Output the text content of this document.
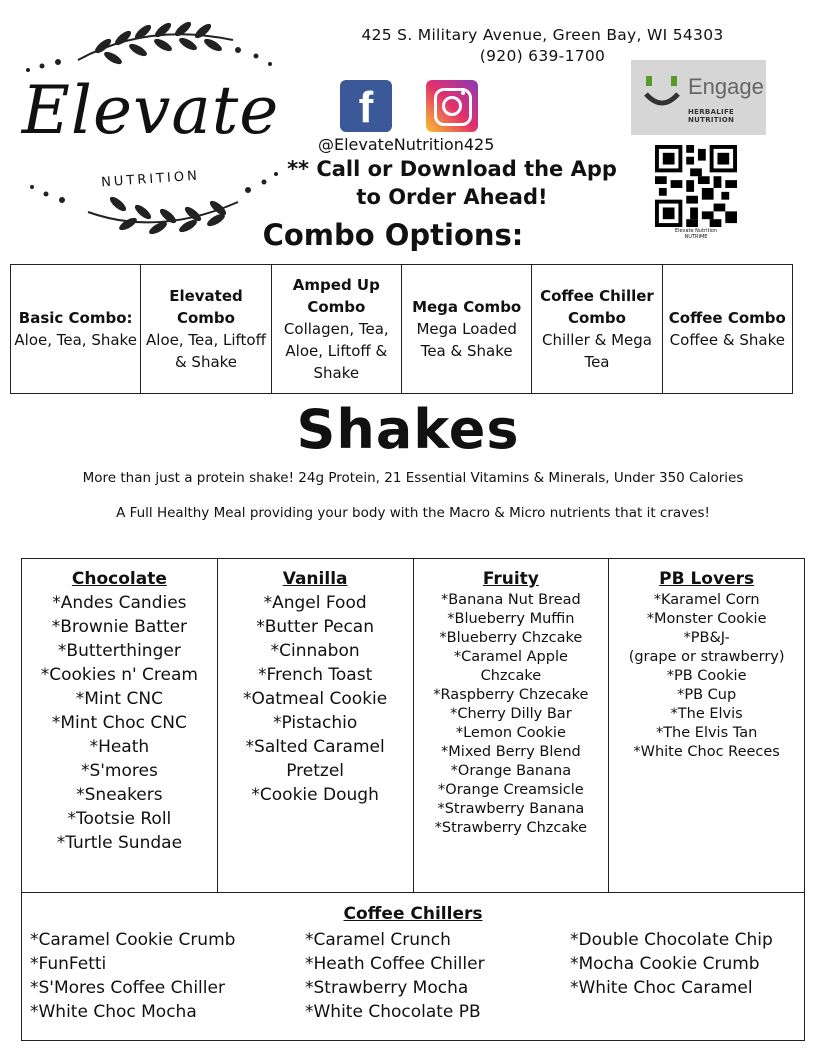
Elevate
NUTRITION
425 S. Military Avenue, Green Bay, WI 54303
(920) 639-1700
f
@ElevateNutrition425
** Call or Download the App
to Order Ahead!
Engage
HERBALIFE
NUTRITION
Elevate Nutrition
NUTRIME
Combo Options:
Basic Combo:
Aloe, Tea, Shake	
Elevated Combo
Aloe, Tea, Liftoff & Shake	
Amped Up Combo
Collagen, Tea, Aloe, Liftoff & Shake	
Mega Combo
Mega Loaded Tea & Shake	
Coffee Chiller Combo
Chiller & Mega Tea	
Coffee Combo
Coffee & Shake
Shakes
More than just a protein shake! 24g Protein, 21 Essential Vitamins & Minerals, Under 350 Calories
A Full Healthy Meal providing your body with the Macro & Micro nutrients that it craves!
Chocolate
*Andes Candies
*Brownie Batter
*Butterthinger
*Cookies n' Cream
*Mint CNC
*Mint Choc CNC
*Heath
*S'mores
*Sneakers
*Tootsie Roll
*Turtle Sundae

Vanilla
*Angel Food
*Butter Pecan
*Cinnabon
*French Toast
*Oatmeal Cookie
*Pistachio
*Salted Caramel
Pretzel
*Cookie Dough

Fruity
*Banana Nut Bread
*Blueberry Muffin
*Blueberry Chzcake
*Caramel Apple
Chzcake
*Raspberry Chzecake
*Cherry Dilly Bar
*Lemon Cookie
*Mixed Berry Blend
*Orange Banana
*Orange Creamsicle
*Strawberry Banana
*Strawberry Chzcake

PB Lovers
*Karamel Corn
*Monster Cookie
*PB&J-
(grape or strawberry)
*PB Cookie
*PB Cup
*The Elvis
*The Elvis Tan
*White Choc Reeces
Coffee Chillers
*Caramel Cookie Crumb
*FunFetti
*S'Mores Coffee Chiller
*White Choc Mocha
*Caramel Crunch
*Heath Coffee Chiller
*Strawberry Mocha
*White Chocolate PB
*Double Chocolate Chip
*Mocha Cookie Crumb
*White Choc Caramel
